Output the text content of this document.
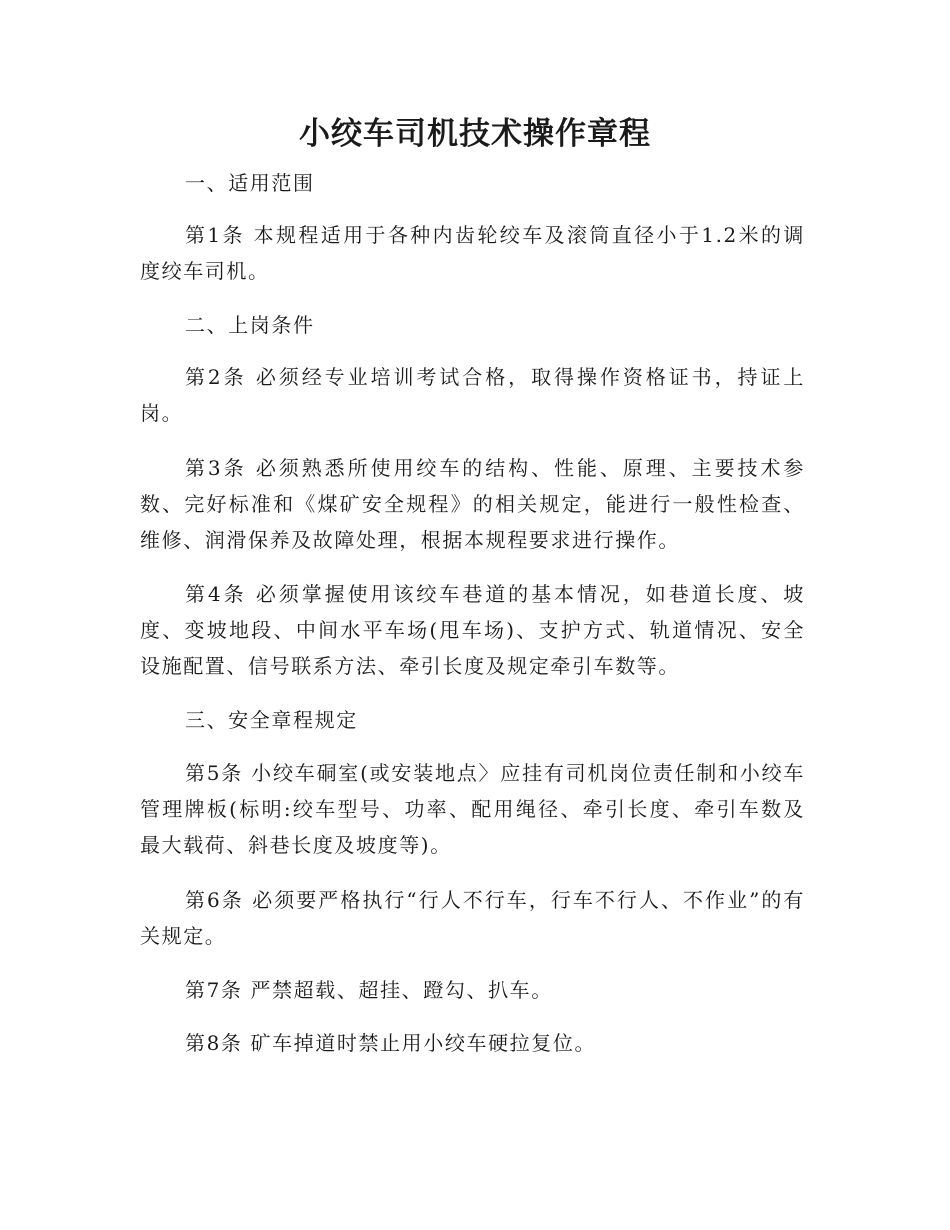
小绞车司机技术操作章程

一、适用范围

第1条 本规程适用于各种内齿轮绞车及滚筒直径小于1.2米的调度绞车司机。

二、上岗条件

第2条 必须经专业培训考试合格，取得操作资格证书，持证上岗。

第3条 必须熟悉所使用绞车的结构、性能、原理、主要技术参数、完好标准和《煤矿安全规程》的相关规定，能进行一般性检查、维修、润滑保养及故障处理，根据本规程要求进行操作。

第4条 必须掌握使用该绞车巷道的基本情况，如巷道长度、坡度、变坡地段、中间水平车场(甩车场)、支护方式、轨道情况、安全设施配置、信号联系方法、牵引长度及规定牵引车数等。

三、安全章程规定

第5条 小绞车硐室(或安装地点〉应挂有司机岗位责任制和小绞车管理牌板(标明:绞车型号、功率、配用绳径、牵引长度、牵引车数及最大载荷、斜巷长度及坡度等)。

第6条 必须要严格执行“行人不行车，行车不行人、不作业”的有关规定。

第7条 严禁超载、超挂、蹬勾、扒车。

第8条 矿车掉道时禁止用小绞车硬拉复位。
